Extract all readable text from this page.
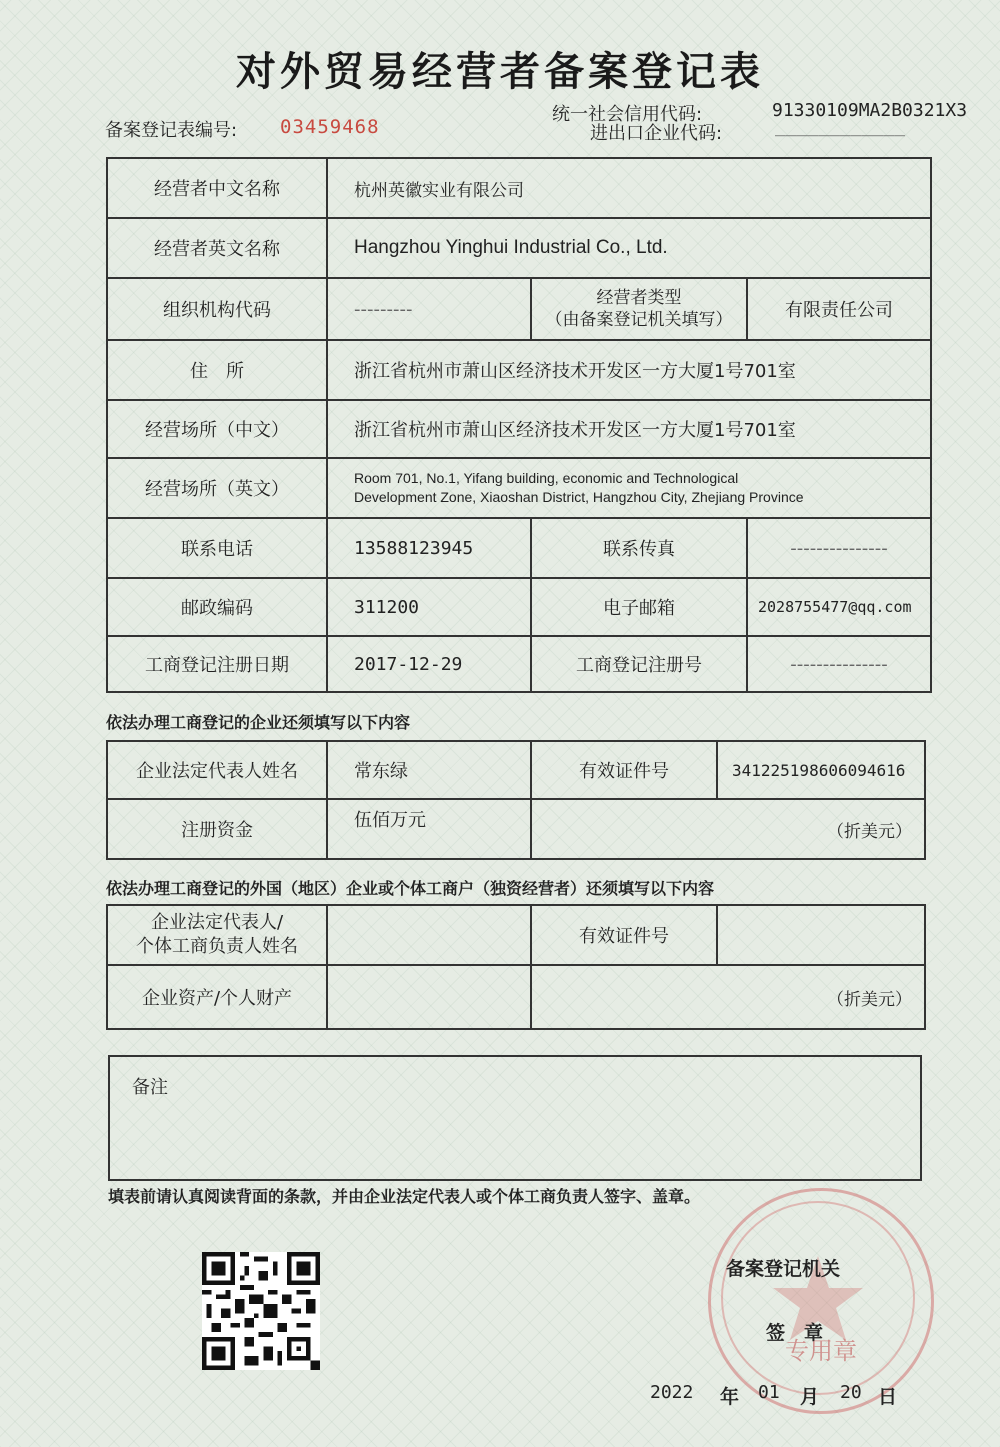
对外贸易经营者备案登记表
统一社会信用代码:	91330109MA2B0321X3
备案登记表编号: 03459468	进出口企业代码:	____________
经营者中文名称	杭州英徽实业有限公司		
经营者英文名称	Hangzhou Yinghui Industrial Co., Ltd.		
组织机构代码	---------	经营者类型
（由备案登记机关填写）	有限责任公司
住　所	浙江省杭州市萧山区经济技术开发区一方大厦1号701室		
经营场所（中文）	浙江省杭州市萧山区经济技术开发区一方大厦1号701室		
经营场所（英文）	Room 701, No.1, Yifang building, economic and Technological
Development Zone, Xiaoshan District, Hangzhou City, Zhejiang Province		

联系电话	13588123945	联系传真	---------------
邮政编码	311200	电子邮箱	2028755477@qq.com
工商登记注册日期	2017-12-29	工商登记注册号	---------------
依法办理工商登记的企业还须填写以下内容
企业法定代表人姓名	常东绿	有效证件号	341225198606094616
注册资金	伍佰万元	（折美元）	
依法办理工商登记的外国（地区）企业或个体工商户（独资经营者）还须填写以下内容
企业法定代表人/
个体工商负责人姓名		有效证件号	
企业资产/个人财产		（折美元）	
备注
填表前请认真阅读背面的条款，并由企业法定代表人或个体工商负责人签字、盖章。
专用章
备案登记机关
签　章
2022 年 01 月 20 日
